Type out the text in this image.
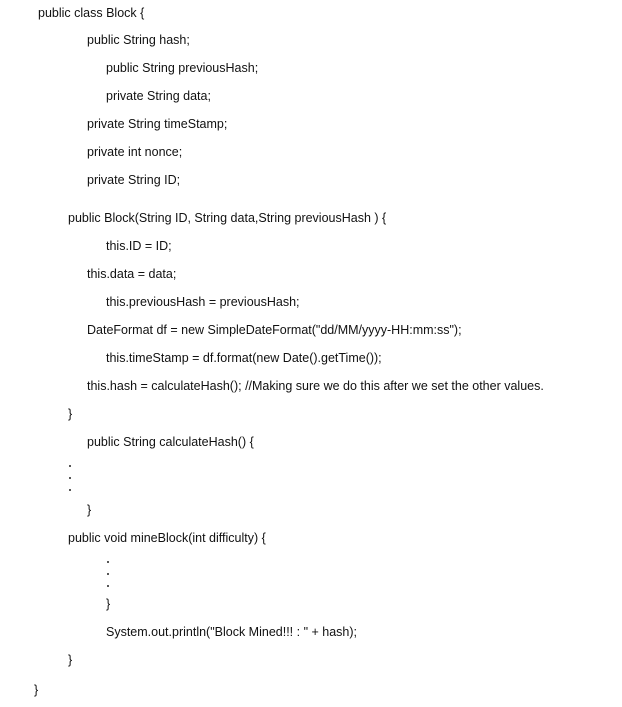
public class Block {
public String hash;
public String previousHash;
private String data;
private String timeStamp;
private int nonce;
private String ID;
public Block(String ID, String data,String previousHash ) {
this.ID = ID;
this.data = data;
this.previousHash = previousHash;
DateFormat df = new SimpleDateFormat("dd/MM/yyyy-HH:mm:ss");
this.timeStamp = df.format(new Date().getTime());
this.hash = calculateHash(); //Making sure we do this after we set the other values.
}
public String calculateHash() {
}
public void mineBlock(int difficulty) {
}
System.out.println("Block Mined!!! : " + hash);
}
}
